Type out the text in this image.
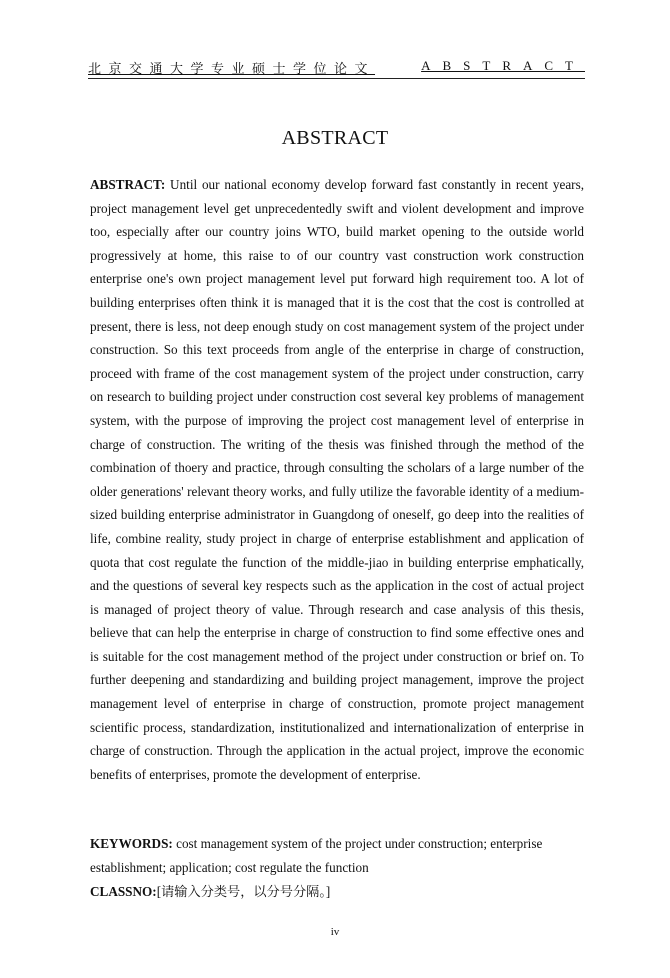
北京交通大学专业硕士学位论文	ABSTRACT
ABSTRACT

ABSTRACT: Until our national economy develop forward fast constantly in recent years, project management level get unprecedentedly swift and violent development and improve too, especially after our country joins WTO, build market opening to the outside world progressively at home, this raise to of our country vast construction work construction enterprise one's own project management level put forward high requirement too. A lot of building enterprises often think it is managed that it is the cost that the cost is controlled at present, there is less, not deep enough study on cost management system of the project under construction. So this text proceeds from angle of the enterprise in charge of construction, proceed with frame of the cost management system of the project under construction, carry on research to building project under construction cost several key problems of management system, with the purpose of improving the project cost management level of enterprise in charge of construction. The writing of the thesis was finished through the method of the combination of thoery and practice, through consulting the scholars of a large number of the older generations' relevant theory works, and fully utilize the favorable identity of a medium-sized building enterprise administrator in Guangdong of oneself, go deep into the realities of life, combine reality, study project in charge of enterprise establishment and application of quota that cost regulate the function of the middle-jiao in building enterprise emphatically, and the questions of several key respects such as the application in the cost of actual project is managed of project theory of value. Through research and case analysis of this thesis, believe that can help the enterprise in charge of construction to find some effective ones and is suitable for the cost management method of the project under construction or brief on. To further deepening and standardizing and building project management, improve the project management level of enterprise in charge of construction, promote project management scientific process, standardization, institutionalized and internationalization of enterprise in charge of construction. Through the application in the actual project, improve the economic benefits of enterprises, promote the development of enterprise.

KEYWORDS: cost management system of the project under construction; enterprise establishment; application; cost regulate the function

CLASSNO:[请输入分类号，以分号分隔。]

iv
